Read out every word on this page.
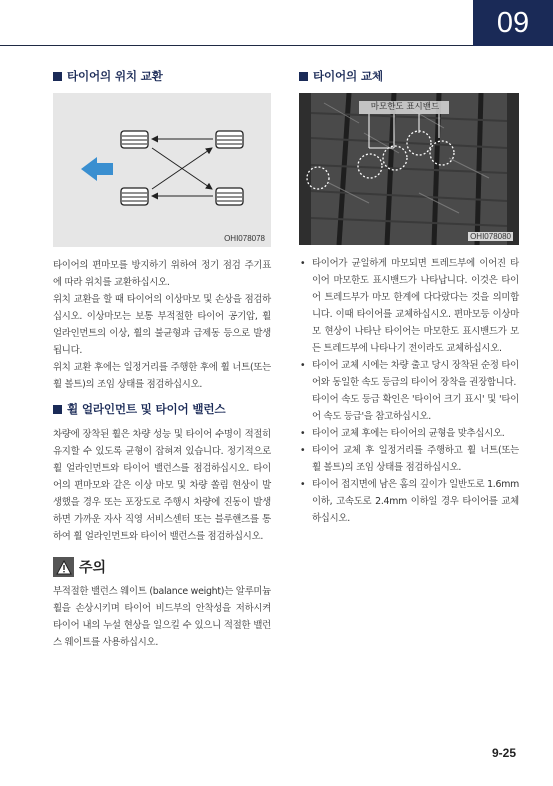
09
타이어의 위치 교환
OHI078078

타이어의 편마모를 방지하기 위하여 정기 점검 주기표에 따라 위치를 교환하십시오.

위치 교환을 할 때 타이어의 이상마모 및 손상을 점검하십시오. 이상마모는 보통 부적절한 타이어 공기압, 휠 얼라인먼트의 이상, 휠의 불균형과 급제동 등으로 발생됩니다.

위치 교환 후에는 일정거리를 주행한 후에 휠 너트(또는 휠 볼트)의 조임 상태를 점검하십시오.

휠 얼라인먼트 및 타이어 밸런스

차량에 장착된 휠은 차량 성능 및 타이어 수명이 적절히 유지할 수 있도록 균형이 잡혀져 있습니다. 정기적으로 휠 얼라인먼트와 타이어 밸런스를 점검하십시오. 타이어의 편마모와 같은 이상 마모 및 차량 쏠림 현상이 발생했을 경우 또는 포장도로 주행시 차량에 진동이 발생하면 가까운 자사 직영 서비스센터 또는 블루핸즈를 통하여 휠 얼라인먼트와 타이어 밸런스를 점검하십시오.

주의

부적절한 밸런스 웨이트 (balance weight)는 알루미늄 휠을 손상시키며 타이어 비드부의 안착성을 저하시켜 타이어 내의 누설 현상을 일으킬 수 있으니 적절한 밸런스 웨이트를 사용하십시오.

타이어의 교체
마모한도 표시밴드
OHI078080
• 타이어가 균일하게 마모되면 트레드부에 이어진 타이어 마모한도 표시밴드가 나타납니다. 이것은 타이어 트레드부가 마모 한계에 다다랐다는 것을 의미합니다. 이때 타이어를 교체하십시오. 편마모등 이상마모 현상이 나타난 타이어는 마모한도 표시밴드가 모든 트레드부에 나타나기 전이라도 교체하십시오.
• 타이어 교체 시에는 차량 출고 당시 장착된 순정 타이어와 동일한 속도 등급의 타이어 장착을 권장합니다.
타이어 속도 등급 확인은 '타이어 크기 표시' 및 '타이어 속도 등급'을 참고하십시오.
• 타이어 교체 후에는 타이어의 균형을 맞추십시오.
• 타이어 교체 후 일정거리를 주행하고 휠 너트(또는 휠 볼트)의 조임 상태를 점검하십시오.
• 타이어 접지면에 남은 홈의 깊이가 일반도로 1.6mm 이하, 고속도로 2.4mm 이하일 경우 타이어를 교체하십시오.
9-25
